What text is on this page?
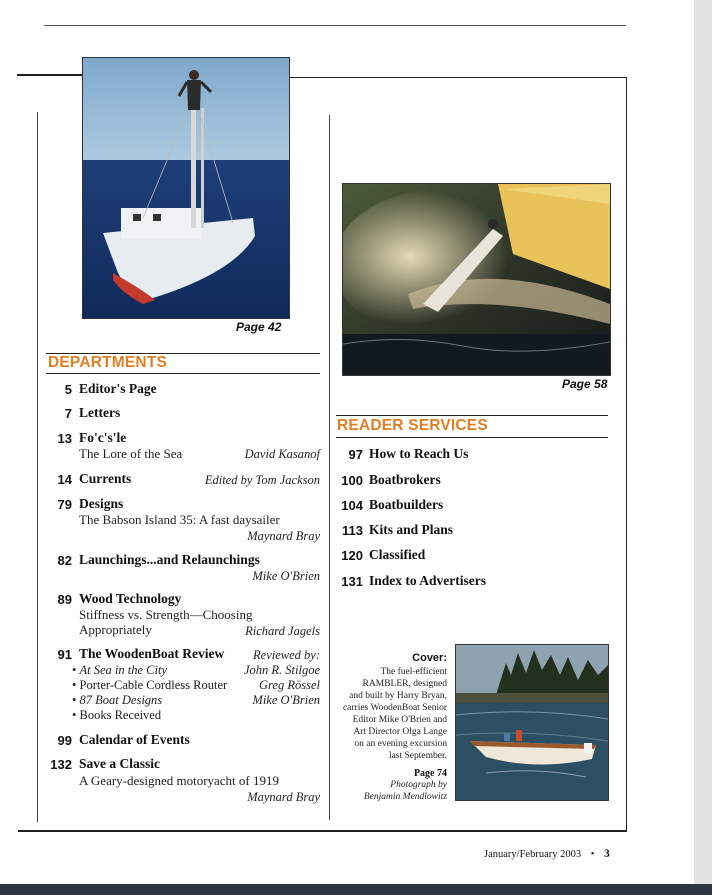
Page 42
Page 58
DEPARTMENTS
5 Editor's Page
7 Letters
13 Fo'c's'le
The Lore of the Sea	David Kasanof
14 Currents	Edited by Tom Jackson
79 Designs
The Babson Island 35: A fast daysailer
Maynard Bray
82 Launchings...and Relaunchings
Mike O'Brien
89 Wood Technology
Stiffness vs. Strength—Choosing
Appropriately	Richard Jagels
91 The WoodenBoat Review Reviewed by:
• At Sea in the City	John R. Stilgoe
• Porter-Cable Cordless Router	Greg Rössel
• 87 Boat Designs	Mike O'Brien
• Books Received
99 Calendar of Events
132 Save a Classic
A Geary-designed motoryacht of 1919
Maynard Bray
READER SERVICES
97 How to Reach Us
100 Boatbrokers
104 Boatbuilders
113 Kits and Plans
120 Classified
131 Index to Advertisers
Cover:
The fuel-efficient
RAMBLER, designed
and built by Harry Bryan,
carries WoodenBoat Senior
Editor Mike O'Brien and
Art Director Olga Lange
on an evening excursion
last September.
Page 74
Photograph by
Benjamin Mendlowitz
January/February 2003 • 3
